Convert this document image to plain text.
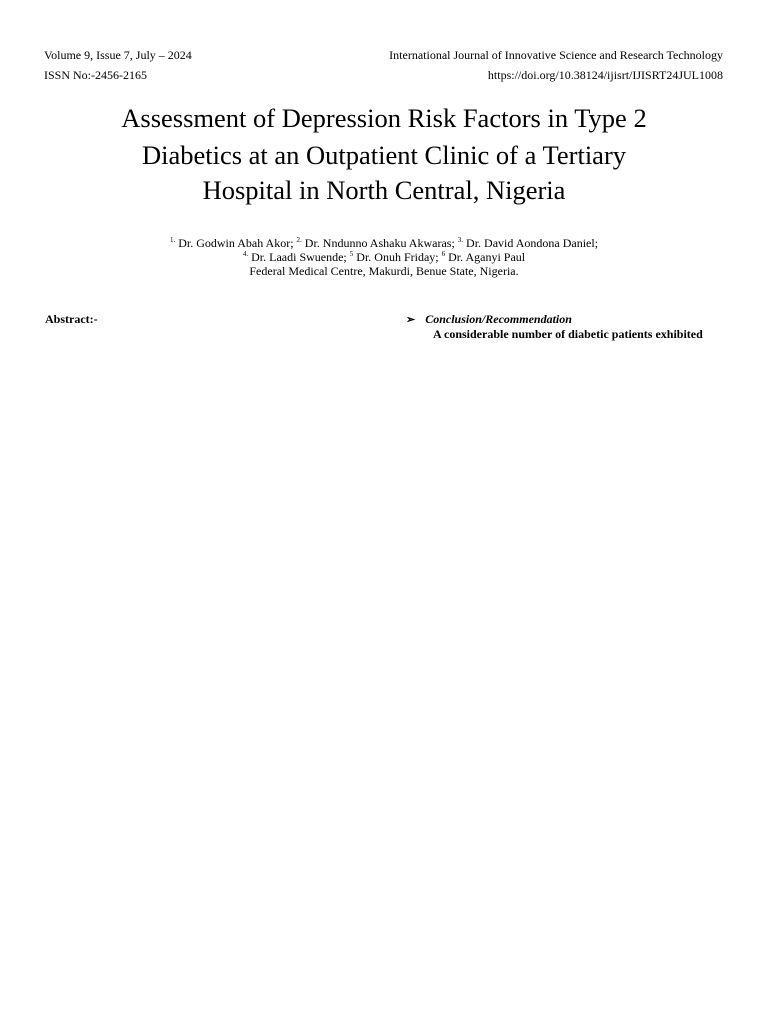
Volume 9, Issue 7, July – 2024
ISSN No:-2456-2165
International Journal of Innovative Science and Research Technology
https://doi.org/10.38124/ijisrt/IJISRT24JUL1008
Assessment of Depression Risk Factors in Type 2
Diabetics at an Outpatient Clinic of a Tertiary
Hospital in North Central, Nigeria
$^{1.}$ Dr. Godwin Abah Akor; $^{2.}$ Dr. Nndunno Ashaku Akwaras; $^{3.}$ Dr. David Aondona Daniel;
$^{4.}$ Dr. Laadi Swuende; $^5$ Dr. Onuh Friday; $^6$ Dr. Aganyi Paul
Federal Medical Centre, Makurdi, Benue State, Nigeria.
Abstract:-	➢ Conclusion/Recommendation
A considerable number of diabetic patients exhibited
